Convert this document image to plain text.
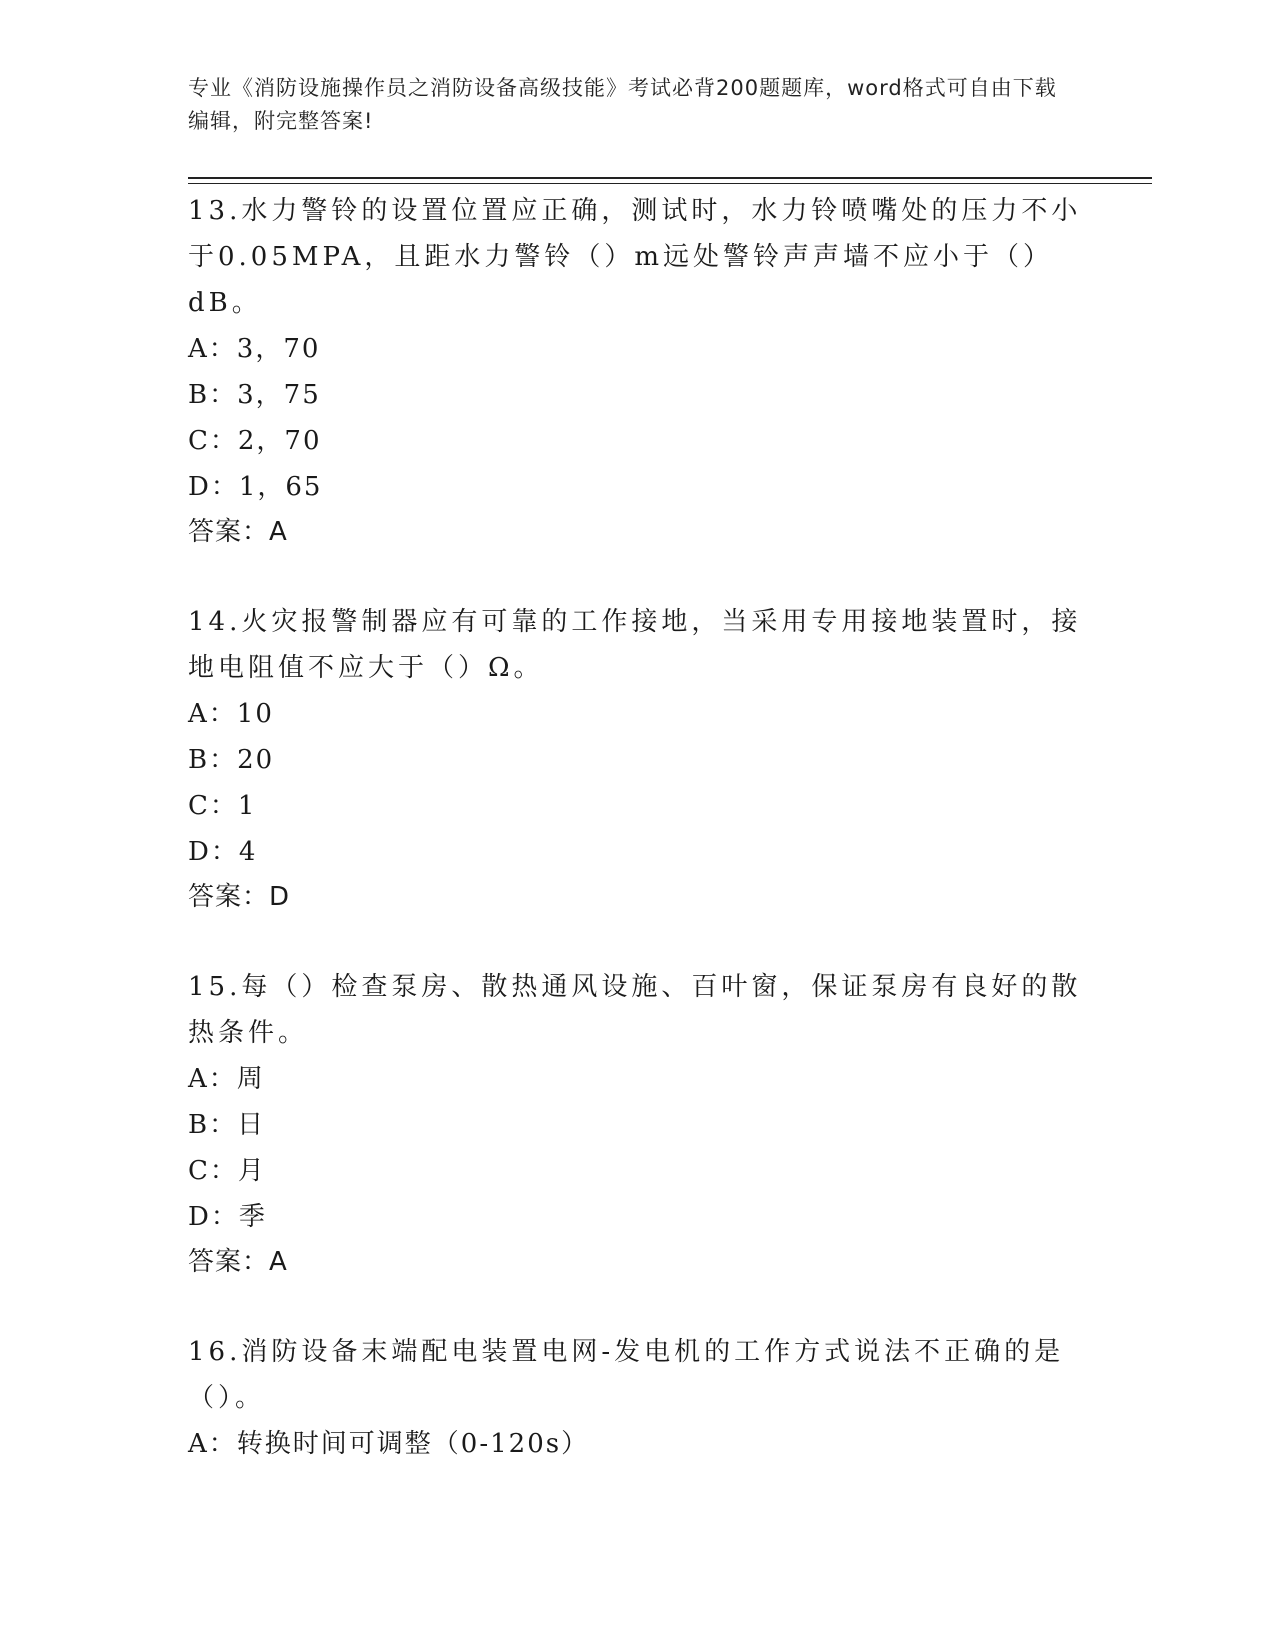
专业《消防设施操作员之消防设备高级技能》考试必背200题题库，word格式可自由下载编辑，附完整答案!

13.水力警铃的设置位置应正确，测试时，水力铃喷嘴处的压力不小于0.05MPA，且距水力警铃（）m远处警铃声声墙不应小于（）dB。

A：3，70

B：3，75

C：2，70

D：1，65

答案：A

14.火灾报警制器应有可靠的工作接地，当采用专用接地装置时，接地电阻值不应大于（）Ω。

A：10

B：20

C：1

D：4

答案：D

15.每（）检查泵房、散热通风设施、百叶窗，保证泵房有良好的散热条件。

A：周

B：日

C：月

D：季

答案：A

16.消防设备末端配电装置电网-发电机的工作方式说法不正确的是（）。

A：转换时间可调整（0-120s）
